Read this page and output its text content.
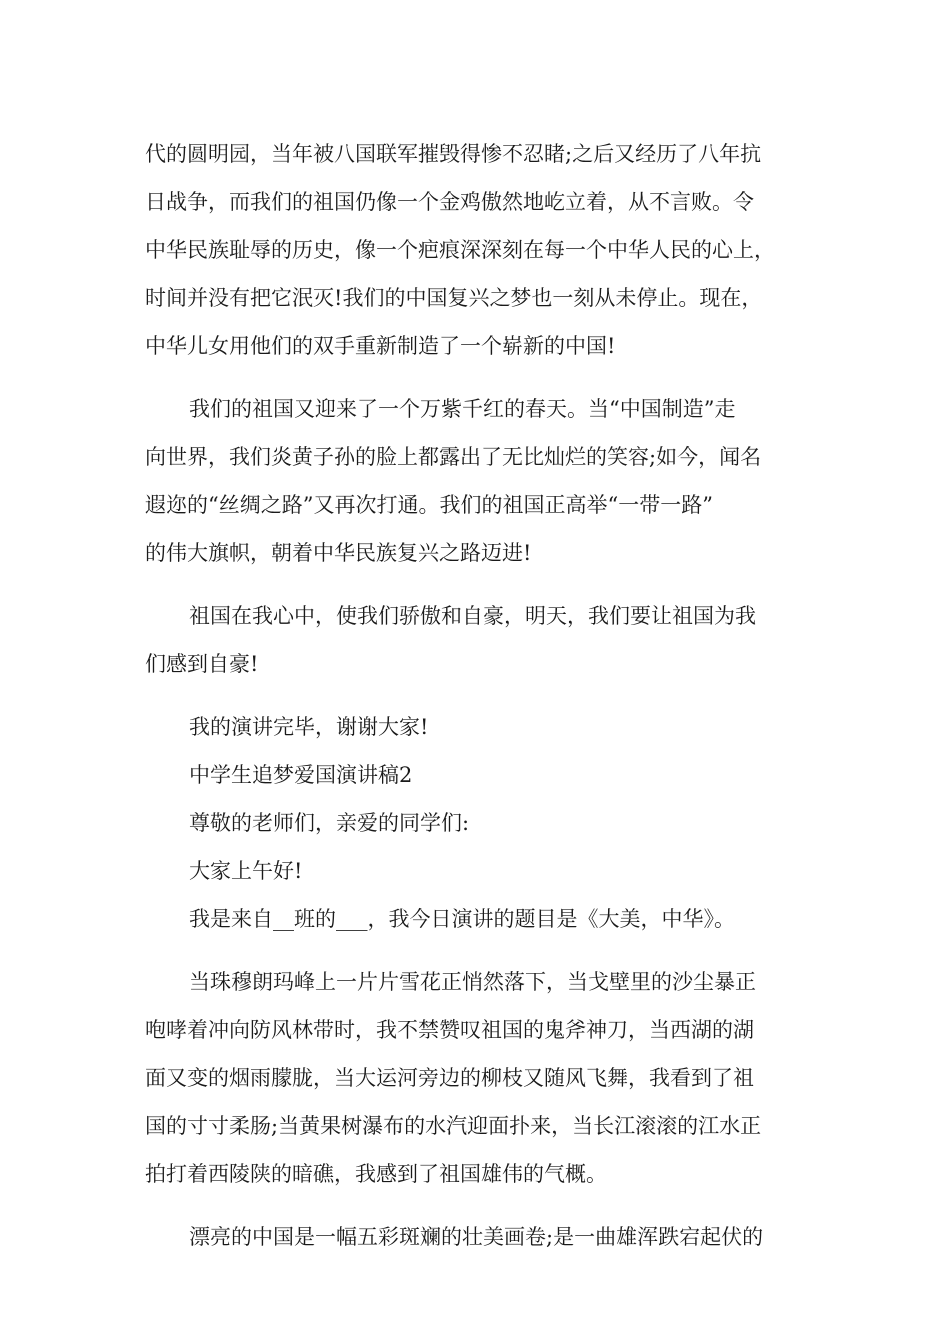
代的圆明园，当年被八国联军摧毁得惨不忍睹;之后又经历了八年抗
日战争，而我们的祖国仍像一个金鸡傲然地屹立着，从不言败。令
中华民族耻辱的历史，像一个疤痕深深刻在每一个中华人民的心上，
时间并没有把它泯灭!我们的中国复兴之梦也一刻从未停止。现在，
中华儿女用他们的双手重新制造了一个崭新的中国!

我们的祖国又迎来了一个万紫千红的春天。当“中国制造”走
向世界，我们炎黄子孙的脸上都露出了无比灿烂的笑容;如今，闻名
遐迩的“丝绸之路”又再次打通。我们的祖国正高举“一带一路”
的伟大旗帜，朝着中华民族复兴之路迈进!

祖国在我心中，使我们骄傲和自豪，明天，我们要让祖国为我
们感到自豪!

我的演讲完毕，谢谢大家!

中学生追梦爱国演讲稿2

尊敬的老师们，亲爱的同学们:

大家上午好!

我是来自__班的___，我今日演讲的题目是《大美，中华》。

当珠穆朗玛峰上一片片雪花正悄然落下，当戈壁里的沙尘暴正
咆哮着冲向防风林带时，我不禁赞叹祖国的鬼斧神刀，当西湖的湖
面又变的烟雨朦胧，当大运河旁边的柳枝又随风飞舞，我看到了祖
国的寸寸柔肠;当黄果树瀑布的水汽迎面扑来，当长江滚滚的江水正
拍打着西陵陕的暗礁，我感到了祖国雄伟的气概。

漂亮的中国是一幅五彩斑斓的壮美画卷;是一曲雄浑跌宕起伏的
